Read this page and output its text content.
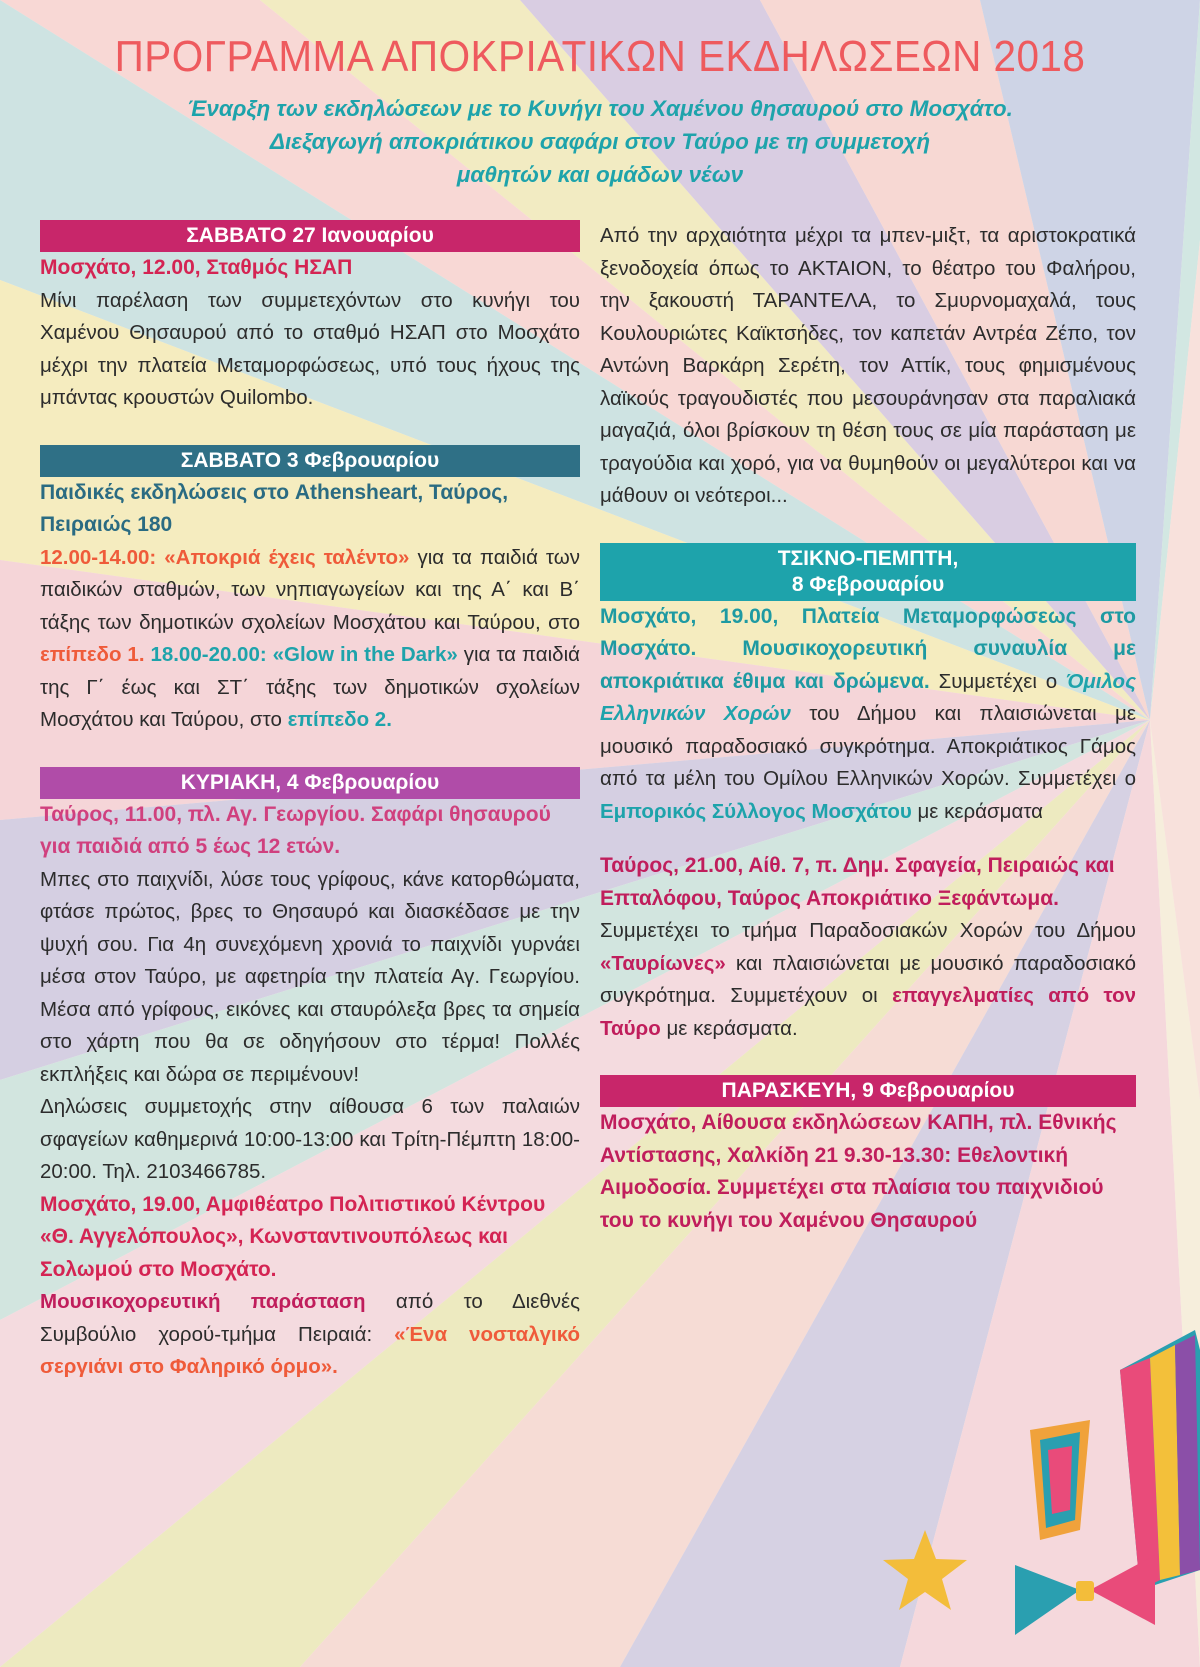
ΠΡΟΓΡΑΜΜΑ ΑΠΟΚΡΙΑΤΙΚΩΝ ΕΚΔΗΛΩΣΕΩΝ 2018
Έναρξη των εκδηλώσεων με το Κυνήγι του Χαμένου θησαυρού στο Μοσχάτο.
Διεξαγωγή αποκριάτικου σαφάρι στον Ταύρο με τη συμμετοχή
μαθητών και ομάδων νέων
ΣΑΒΒΑΤΟ 27 Ιανουαρίου
Μοσχάτο, 12.00, Σταθμός ΗΣΑΠ
Μίνι παρέλαση των συμμετεχόντων στο κυνήγι του Χαμένου Θησαυρού από το σταθμό ΗΣΑΠ στο Μοσχάτο μέχρι την πλατεία Μεταμορφώσεως, υπό τους ήχους της μπάντας κρουστών Quilombo.
ΣΑΒΒΑΤΟ 3 Φεβρουαρίου
Παιδικές εκδηλώσεις στο Athensheart, Ταύρος, Πειραιώς 180
12.00-14.00: «Αποκριά έχεις ταλέντο» για τα παιδιά των παιδικών σταθμών, των νηπιαγωγείων και της Α΄ και Β΄ τάξης των δημοτικών σχολείων Μοσχάτου και Ταύρου, στο επίπεδο 1. 18.00-20.00: «Glow in the Dark» για τα παιδιά της Γ΄ έως και ΣΤ΄ τάξης των δημοτικών σχολείων Μοσχάτου και Ταύρου, στο επίπεδο 2.
ΚΥΡΙΑΚΗ, 4 Φεβρουαρίου
Ταύρος, 11.00, πλ. Αγ. Γεωργίου. Σαφάρι θησαυρού για παιδιά από 5 έως 12 ετών.
Μπες στο παιχνίδι, λύσε τους γρίφους, κάνε κατορθώματα, φτάσε πρώτος, βρες το Θησαυρό και διασκέδασε με την ψυχή σου. Για 4η συνεχόμενη χρονιά το παιχνίδι γυρνάει μέσα στον Ταύρο, με αφετηρία την πλατεία Αγ. Γεωργίου. Μέσα από γρίφους, εικόνες και σταυρόλεξα βρες τα σημεία στο χάρτη που θα σε οδηγήσουν στο τέρμα! Πολλές εκπλήξεις και δώρα σε περιμένουν!
Δηλώσεις συμμετοχής στην αίθουσα 6 των παλαιών σφαγείων καθημερινά 10:00-13:00 και Τρίτη-Πέμπτη 18:00-20:00. Τηλ. 2103466785.
Μοσχάτο, 19.00, Αμφιθέατρο Πολιτιστικού Κέντρου «Θ. Αγγελόπουλος», Κωνσταντινουπόλεως και Σολωμού στο Μοσχάτο.
Μουσικοχορευτική παράσταση από το Διεθνές Συμβούλιο χορού-τμήμα Πειραιά: «Ένα νοσταλγικό σεργιάνι στο Φαληρικό όρμο».
Από την αρχαιότητα μέχρι τα μπεν-μιξτ, τα αριστοκρατικά ξενοδοχεία όπως το ΑΚΤΑΙΟΝ, το θέατρο του Φαλήρου, την ξακουστή ΤΑΡΑΝΤΕΛΑ, το Σμυρνομαχαλά, τους Κουλουριώτες Καϊκτσήδες, τον καπετάν Αντρέα Ζέπο, τον Αντώνη Βαρκάρη Σερέτη, τον Αττίκ, τους φημισμένους λαϊκούς τραγουδιστές που μεσουράνησαν στα παραλιακά μαγαζιά, όλοι βρίσκουν τη θέση τους σε μία παράσταση με τραγούδια και χορό, για να θυμηθούν οι μεγαλύτεροι και να μάθουν οι νεότεροι...
ΤΣΙΚΝΟ-ΠΕΜΠΤΗ,
8 Φεβρουαρίου
Μοσχάτο, 19.00, Πλατεία Μεταμορφώσεως στο Μοσχάτο. Μουσικοχορευτική συναυλία με αποκριάτικα έθιμα και δρώμενα. Συμμετέχει ο Όμιλος Ελληνικών Χορών του Δήμου και πλαισιώνεται με μουσικό παραδοσιακό συγκρότημα. Αποκριάτικος Γάμος από τα μέλη του Ομίλου Ελληνικών Χορών. Συμμετέχει ο Εμπορικός Σύλλογος Μοσχάτου με κεράσματα
Ταύρος, 21.00, Αίθ. 7, π. Δημ. Σφαγεία, Πειραιώς και Επταλόφου, Ταύρος Αποκριάτικο Ξεφάντωμα.
Συμμετέχει το τμήμα Παραδοσιακών Χορών του Δήμου «Ταυρίωνες» και πλαισιώνεται με μουσικό παραδοσιακό συγκρότημα. Συμμετέχουν οι επαγγελματίες από τον Ταύρο με κεράσματα.
ΠΑΡΑΣΚΕΥΗ, 9 Φεβρουαρίου
Μοσχάτο, Αίθουσα εκδηλώσεων ΚΑΠΗ, πλ. Εθνικής Αντίστασης, Χαλκίδη 21 9.30-13.30: Εθελοντική Αιμοδοσία. Συμμετέχει στα πλαίσια του παιχνιδιού του το κυνήγι του Χαμένου Θησαυρού
